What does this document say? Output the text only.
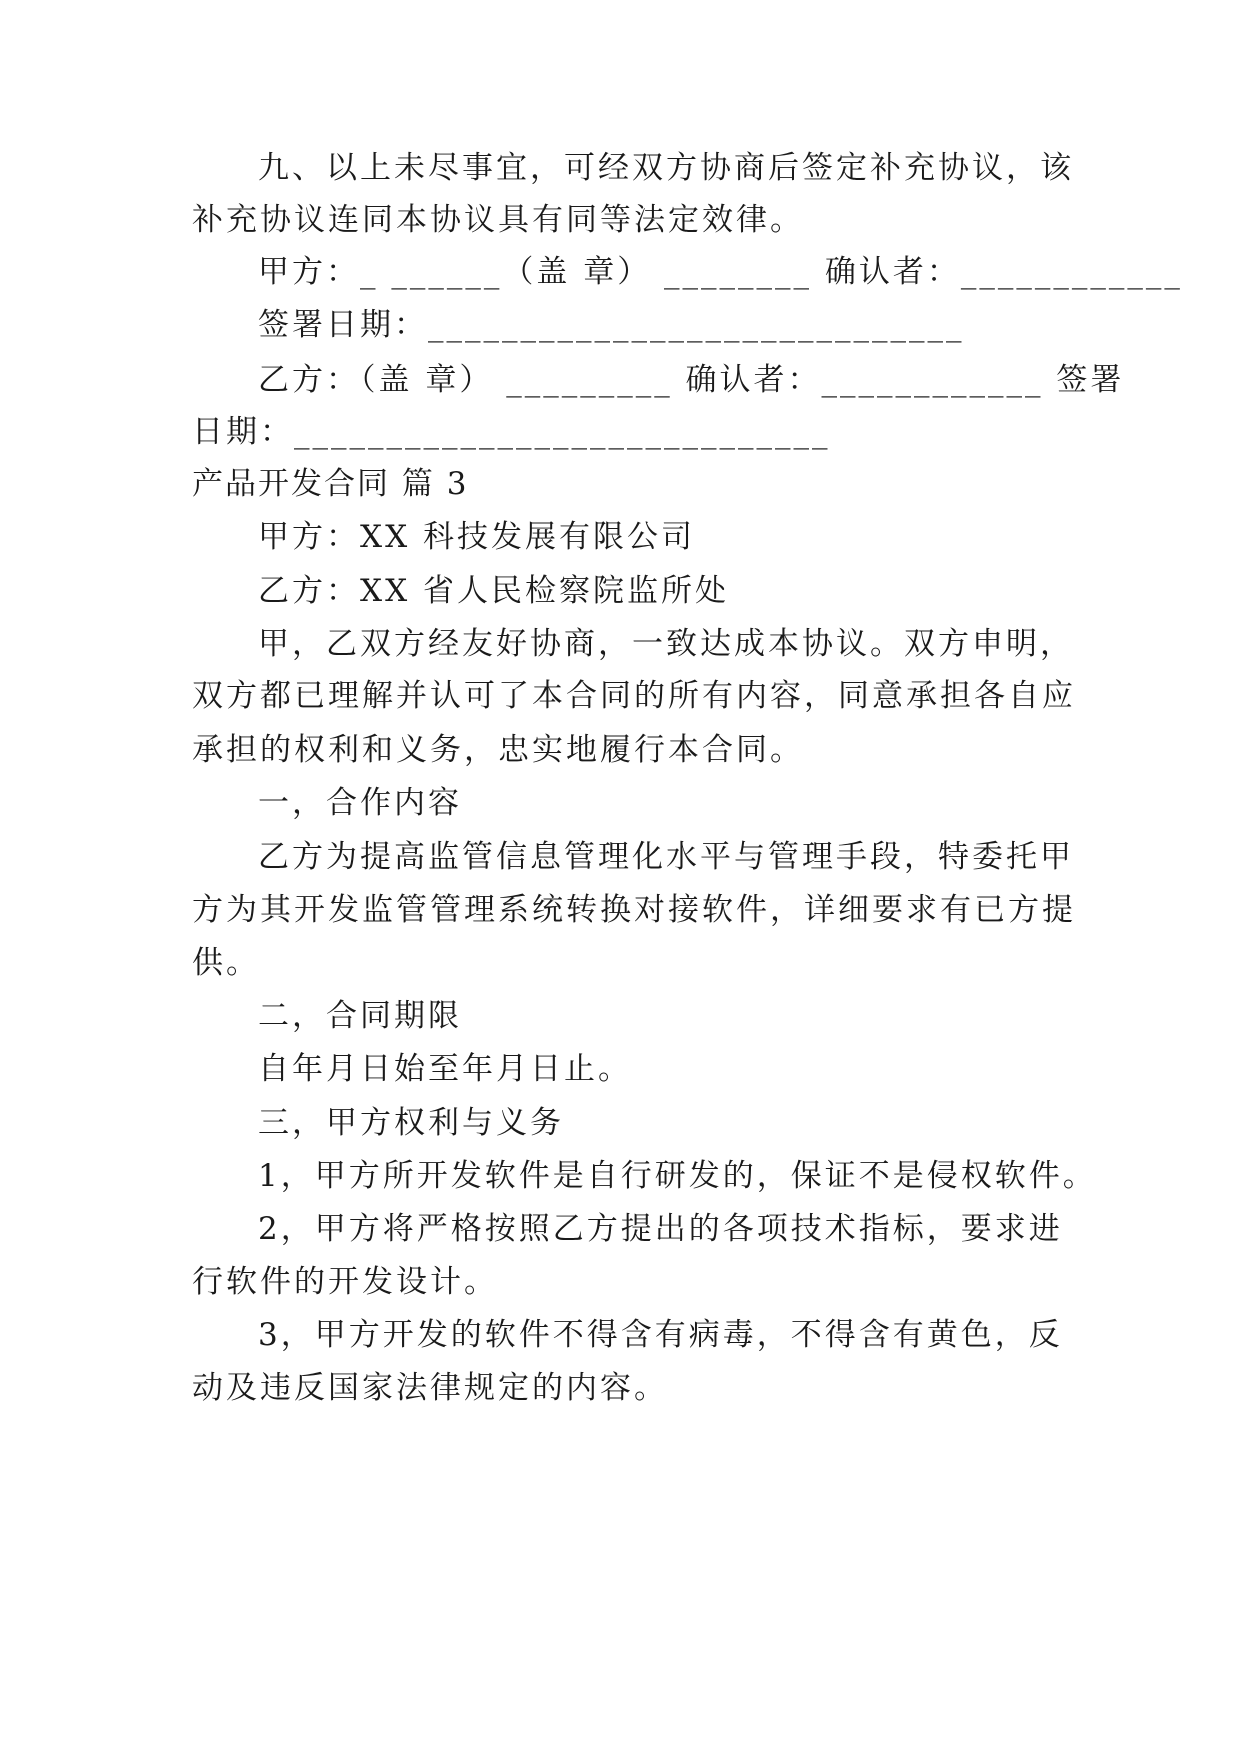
九、以上未尽事宜，可经双方协商后签定补充协议，该

补充协议连同本协议具有同等法定效律。

甲方：_ ______（盖 章） ________ 确认者：____________

签署日期：_____________________________

乙方：（盖 章） _________ 确认者：____________ 签署

日期：_____________________________

产品开发合同 篇 3

甲方：XX 科技发展有限公司

乙方：XX 省人民检察院监所处

甲，乙双方经友好协商，一致达成本协议。双方申明，

双方都已理解并认可了本合同的所有内容，同意承担各自应

承担的权利和义务，忠实地履行本合同。

一，合作内容

乙方为提高监管信息管理化水平与管理手段，特委托甲

方为其开发监管管理系统转换对接软件，详细要求有已方提

供。

二，合同期限

自年月日始至年月日止。

三，甲方权利与义务

1，甲方所开发软件是自行研发的，保证不是侵权软件。

2，甲方将严格按照乙方提出的各项技术指标，要求进

行软件的开发设计。

3，甲方开发的软件不得含有病毒，不得含有黄色，反

动及违反国家法律规定的内容。
